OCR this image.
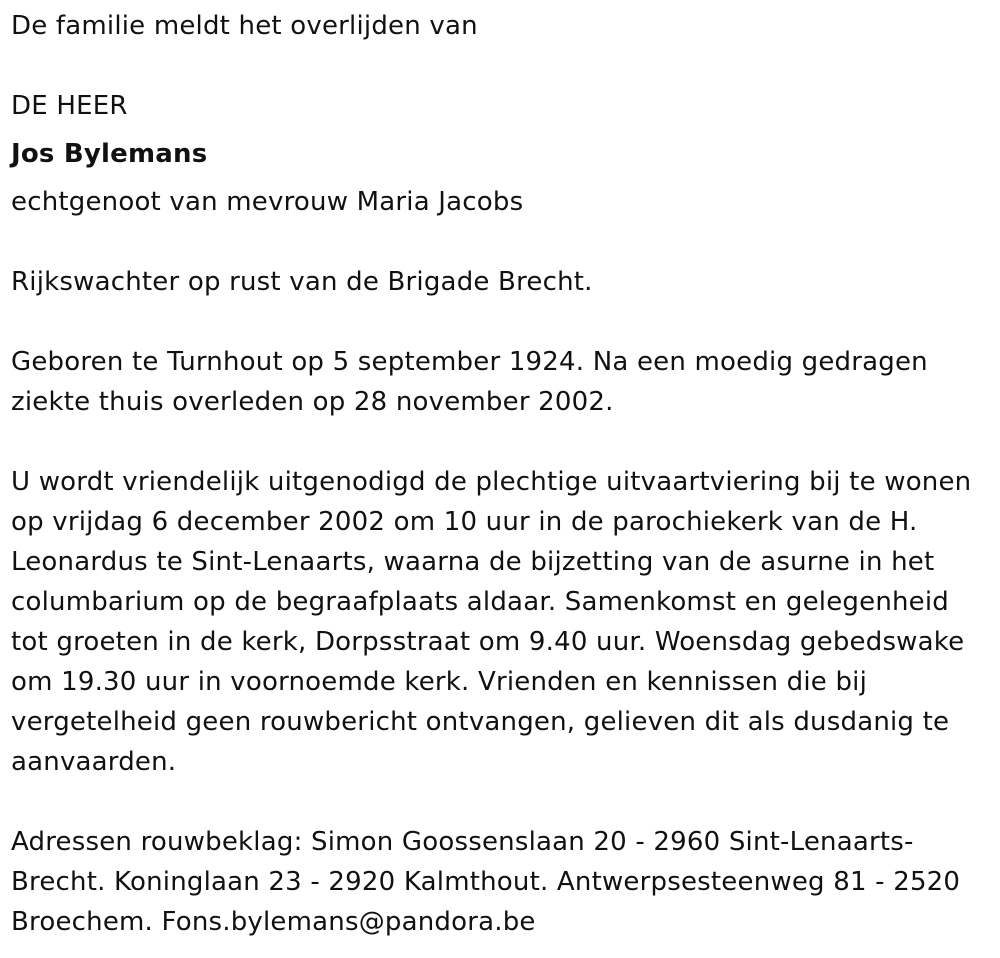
De familie meldt het overlijden van

DE HEER

Jos Bylemans

echtgenoot van mevrouw Maria Jacobs

Rijkswachter op rust van de Brigade Brecht.

Geboren te Turnhout op 5 september 1924. Na een moedig gedragen ziekte thuis overleden op 28 november 2002.

U wordt vriendelijk uitgenodigd de plechtige uitvaartviering bij te wonen op vrijdag 6 december 2002 om 10 uur in de parochiekerk van de H. Leonardus te Sint-Lenaarts, waarna de bijzetting van de asurne in het columbarium op de begraafplaats aldaar. Samenkomst en gelegenheid tot groeten in de kerk, Dorpsstraat om 9.40 uur. Woensdag gebedswake om 19.30 uur in voornoemde kerk. Vrienden en kennissen die bij vergetelheid geen rouwbericht ontvangen, gelieven dit als dusdanig te aanvaarden.

Adressen rouwbeklag: Simon Goossenslaan 20 - 2960 Sint-Lenaarts-Brecht. Koninglaan 23 - 2920 Kalmthout. Antwerpsesteenweg 81 - 2520 Broechem. Fons.bylemans@pandora.be
